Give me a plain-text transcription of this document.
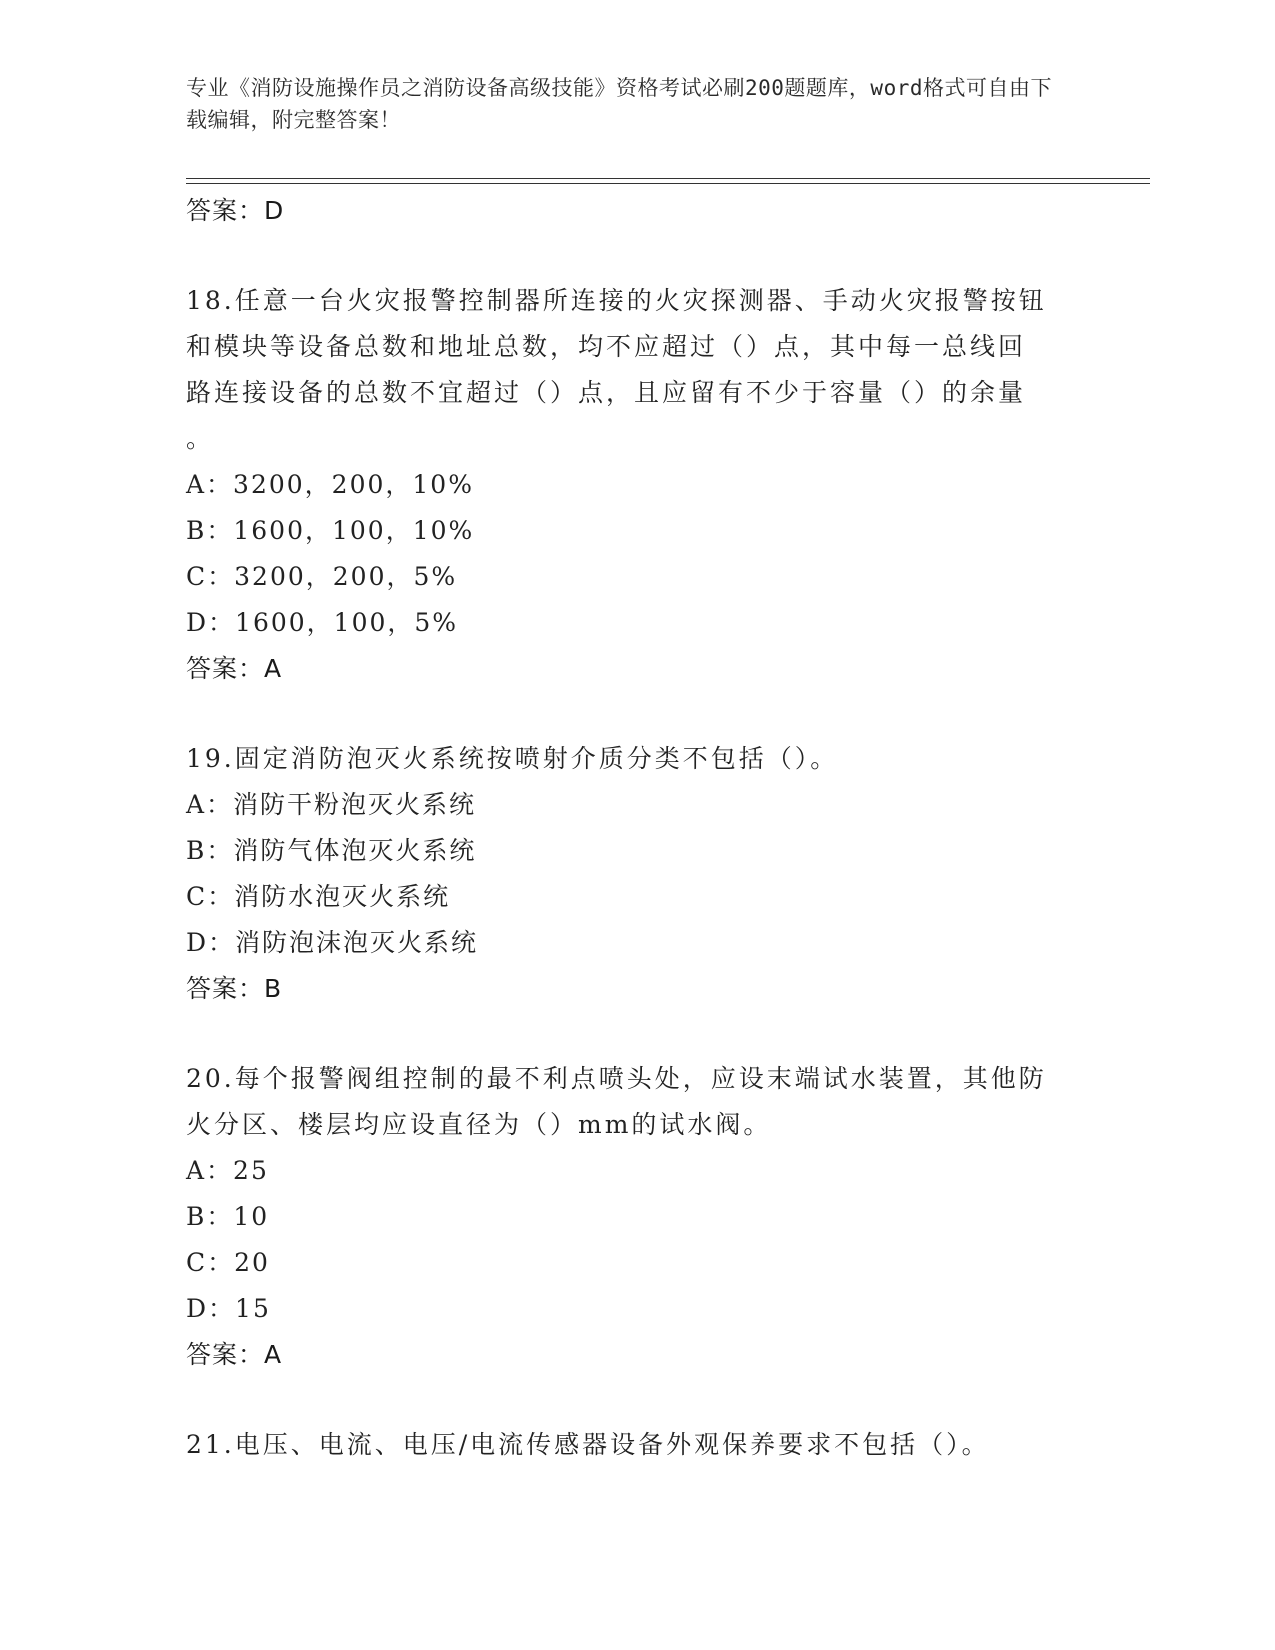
专业《消防设施操作员之消防设备高级技能》资格考试必刷200题题库，word格式可自由下载编辑，附完整答案！
答案：D
18.任意一台火灾报警控制器所连接的火灾探测器、手动火灾报警按钮
和模块等设备总数和地址总数，均不应超过（）点，其中每一总线回
路连接设备的总数不宜超过（）点，且应留有不少于容量（）的余量
。
A：3200，200，10%
B：1600，100，10%
C：3200，200，5%
D：1600，100，5%
答案：A
19.固定消防泡灭火系统按喷射介质分类不包括（）。
A：消防干粉泡灭火系统
B：消防气体泡灭火系统
C：消防水泡灭火系统
D：消防泡沫泡灭火系统
答案：B
20.每个报警阀组控制的最不利点喷头处，应设末端试水装置，其他防
火分区、楼层均应设直径为（）mm的试水阀。
A：25
B：10
C：20
D：15
答案：A
21.电压、电流、电压/电流传感器设备外观保养要求不包括（）。
